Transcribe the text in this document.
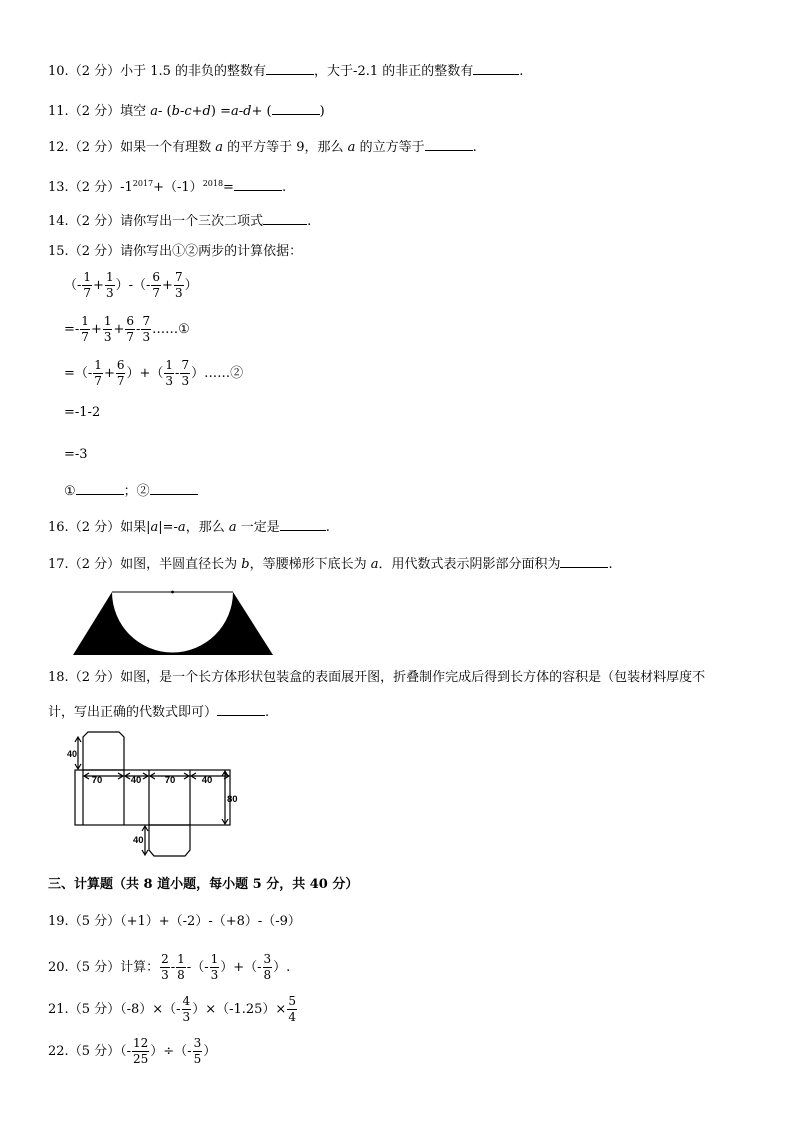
10.（2 分）小于 1.5 的非负的整数有	，大于-2.1 的非正的整数有	.
11.（2 分）填空 a- (b-c+d) =a-d+ (	)
12.（2 分）如果一个有理数 a 的平方等于 9，那么 a 的立方等于	.
13.（2 分）$-1^{2017}+(-1)^{2018}=$	.
14.（2 分）请你写出一个三次二项式	.
15.（2 分）请你写出①②两步的计算依据：
（- $\frac{1}{7} + \frac{1}{3}$ ）-（- $\frac{6}{7} + \frac{7}{3}$ ）
=- $\frac{1}{7} + \frac{1}{3} + \frac{6}{7} - \frac{7}{3}$ ……①
=（- $\frac{1}{7} + \frac{6}{7}$ ）+（ $\frac{1}{3} - \frac{7}{3}$ ）……②
=-1-2
=-3
①	；②
16.（2 分）如果|a|=-a，那么 a 一定是	.
17.（2 分）如图，半圆直径长为 b，等腰梯形下底长为 a．用代数式表示阴影部分面积为	.
18.（2 分）如图，是一个长方体形状包装盒的表面展开图，折叠制作完成后得到长方体的容积是（包装材料厚度不
计，写出正确的代数式即可）	.
40
70	40 70	40
80
40
三、计算题（共 8 道小题，每小题 5 分，共 40 分）
19.（5 分）（+1）+（-2）-（+8）-（-9）
20.（5 分）计算： $\frac{2}{3} - \frac{1}{8}$ -（- $\frac{1}{3}$ ）+（- $\frac{3}{8}$ ）.
21.（5 分）$(-8)\times(- \frac{4}{3} )\times(-1.25)\times \frac{5}{4}$
22.（5 分）（- $\frac{12}{25}$ ）÷（- $\frac{3}{5}$ ）
